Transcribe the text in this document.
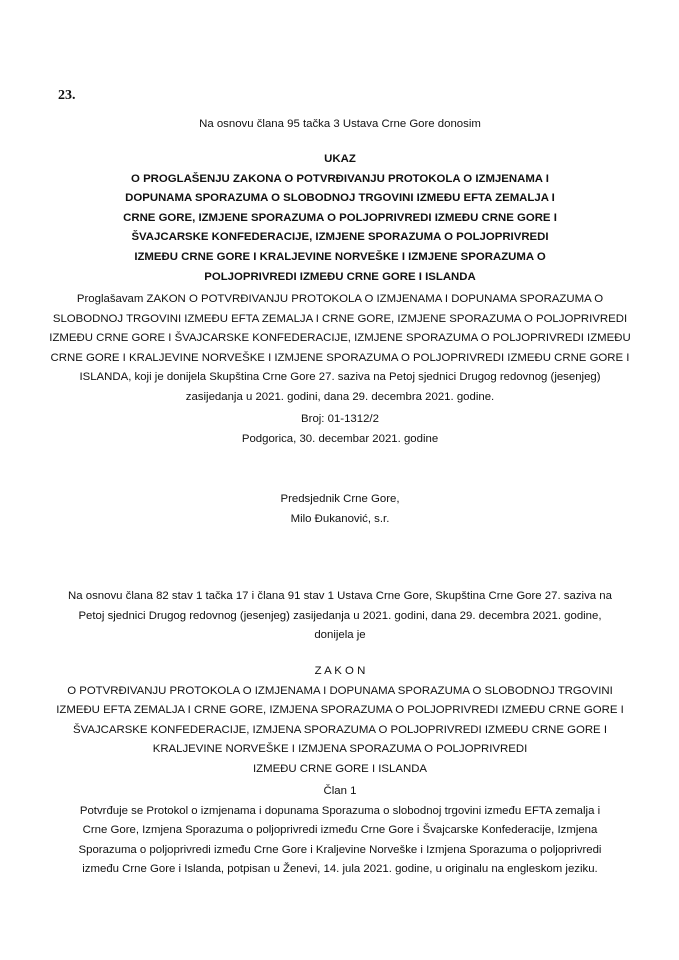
23.
Na osnovu člana 95 tačka 3 Ustava Crne Gore donosim
UKAZ
O PROGLAŠENJU ZAKONA O POTVRĐIVANJU PROTOKOLA O IZMJENAMA I
DOPUNAMA SPORAZUMA O SLOBODNOJ TRGOVINI IZMEĐU EFTA ZEMALJA I
CRNE GORE, IZMJENE SPORAZUMA O POLJOPRIVREDI IZMEĐU CRNE GORE I
ŠVAJCARSKE KONFEDERACIJE, IZMJENE SPORAZUMA O POLJOPRIVREDI
IZMEĐU CRNE GORE I KRALJEVINE NORVEŠKE I IZMJENE SPORAZUMA O
POLJOPRIVREDI IZMEĐU CRNE GORE I ISLANDA
Proglašavam ZAKON O POTVRĐIVANJU PROTOKOLA O IZMJENAMA I DOPUNAMA SPORAZUMA O
SLOBODNOJ TRGOVINI IZMEĐU EFTA ZEMALJA I CRNE GORE, IZMJENE SPORAZUMA O POLJOPRIVREDI
IZMEĐU CRNE GORE I ŠVAJCARSKE KONFEDERACIJE, IZMJENE SPORAZUMA O POLJOPRIVREDI IZMEĐU
CRNE GORE I KRALJEVINE NORVEŠKE I IZMJENE SPORAZUMA O POLJOPRIVREDI IZMEĐU CRNE GORE I
ISLANDA, koji je donijela Skupština Crne Gore 27. saziva na Petoj sjednici Drugog redovnog (jesenjeg)
zasijedanja u 2021. godini, dana 29. decembra 2021. godine.
Broj: 01-1312/2
Podgorica, 30. decembar 2021. godine
Predsjednik Crne Gore,
Milo Đukanović, s.r.
Na osnovu člana 82 stav 1 tačka 17 i člana 91 stav 1 Ustava Crne Gore, Skupština Crne Gore 27. saziva na
Petoj sjednici Drugog redovnog (jesenjeg) zasijedanja u 2021. godini, dana 29. decembra 2021. godine,
donijela je
Z A K O N
O POTVRĐIVANJU PROTOKOLA O IZMJENAMA I DOPUNAMA SPORAZUMA O SLOBODNOJ TRGOVINI
IZMEĐU EFTA ZEMALJA I CRNE GORE, IZMJENA SPORAZUMA O POLJOPRIVREDI IZMEĐU CRNE GORE I
ŠVAJCARSKE KONFEDERACIJE, IZMJENA SPORAZUMA O POLJOPRIVREDI IZMEĐU CRNE GORE I
KRALJEVINE NORVEŠKE I IZMJENA SPORAZUMA O POLJOPRIVREDI
IZMEĐU CRNE GORE I ISLANDA
Član 1
Potvrđuje se Protokol o izmjenama i dopunama Sporazuma o slobodnoj trgovini između EFTA zemalja i
Crne Gore, Izmjena Sporazuma o poljoprivredi između Crne Gore i Švajcarske Konfederacije, Izmjena
Sporazuma o poljoprivredi između Crne Gore i Kraljevine Norveške i Izmjena Sporazuma o poljoprivredi
između Crne Gore i Islanda, potpisan u Ženevi, 14. jula 2021. godine, u originalu na engleskom jeziku.
